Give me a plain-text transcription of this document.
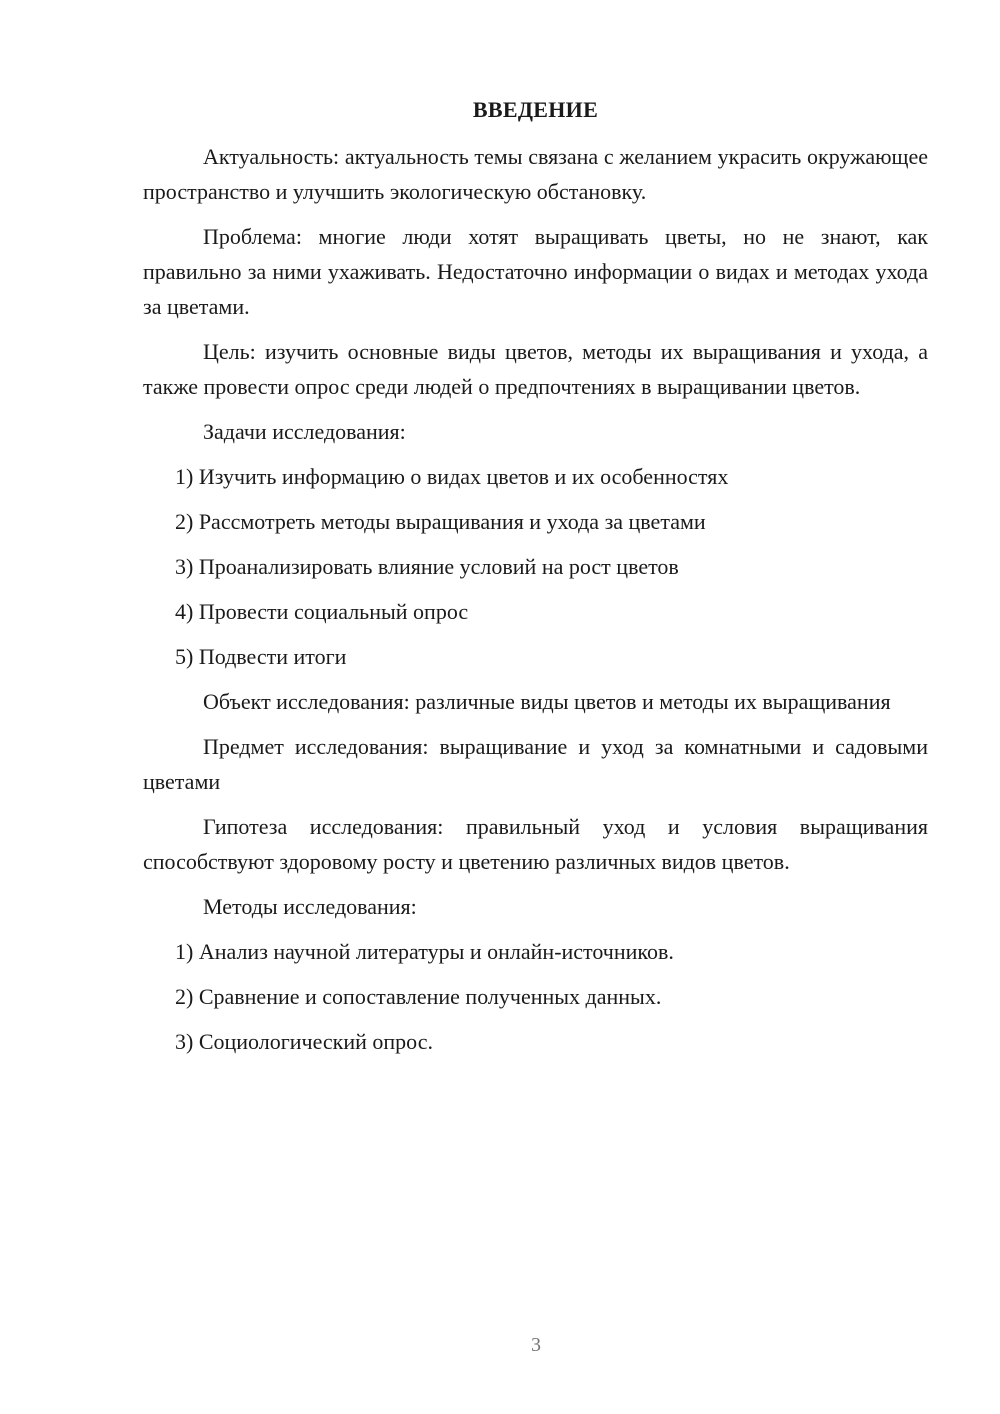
ВВЕДЕНИЕ

Актуальность: актуальность темы связана с желанием украсить окружающее пространство и улучшить экологическую обстановку.

Проблема: многие люди хотят выращивать цветы, но не знают, как правильно за ними ухаживать. Недостаточно информации о видах и методах ухода за цветами.

Цель: изучить основные виды цветов, методы их выращивания и ухода, а также провести опрос среди людей о предпочтениях в выращивании цветов.

Задачи исследования:
1) Изучить информацию о видах цветов и их особенностях
2) Рассмотреть методы выращивания и ухода за цветами
3) Проанализировать влияние условий на рост цветов
4) Провести социальный опрос
5) Подвести итоги

Объект исследования: различные виды цветов и методы их выращивания

Предмет исследования: выращивание и уход за комнатными и садовыми цветами

Гипотеза исследования: правильный уход и условия выращивания способствуют здоровому росту и цветению различных видов цветов.

Методы исследования:
1) Анализ научной литературы и онлайн-источников.
2) Сравнение и сопоставление полученных данных.
3) Социологический опрос.
3
